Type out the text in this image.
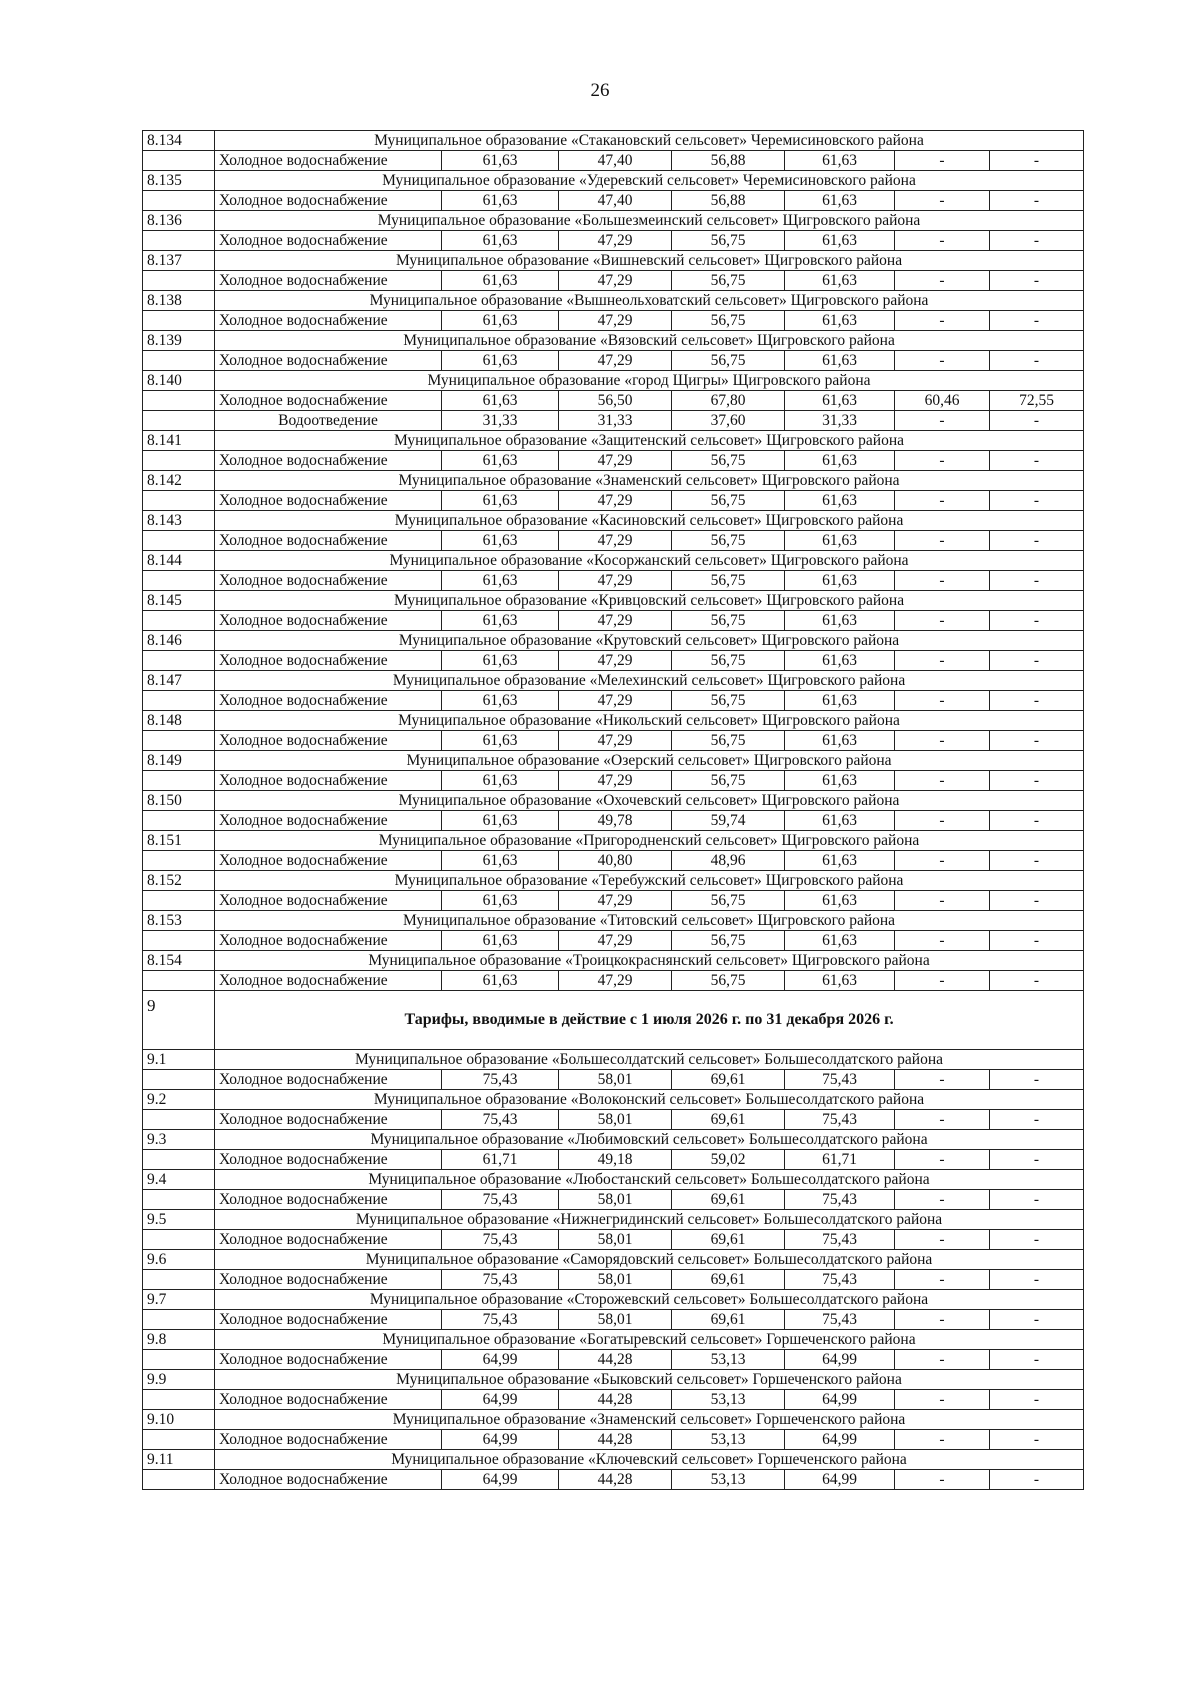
26
8.134	Муниципальное образование «Стакановский сельсовет» Черемисиновского района						
	Холодное водоснабжение	61,63	47,40	56,88	61,63	-	-
8.135	Муниципальное образование «Удеревский сельсовет» Черемисиновского района						
	Холодное водоснабжение	61,63	47,40	56,88	61,63	-	-
8.136	Муниципальное образование «Большезмеинский сельсовет» Щигровского района						
	Холодное водоснабжение	61,63	47,29	56,75	61,63	-	-
8.137	Муниципальное образование «Вишневский сельсовет» Щигровского района						
	Холодное водоснабжение	61,63	47,29	56,75	61,63	-	-
8.138	Муниципальное образование «Вышнеольховатский сельсовет» Щигровского района						
	Холодное водоснабжение	61,63	47,29	56,75	61,63	-	-
8.139	Муниципальное образование «Вязовский сельсовет» Щигровского района						
	Холодное водоснабжение	61,63	47,29	56,75	61,63	-	-
8.140	Муниципальное образование «город Щигры» Щигровского района						
	Холодное водоснабжение	61,63	56,50	67,80	61,63	60,46	72,55
	Водоотведение	31,33	31,33	37,60	31,33	-	-
8.141	Муниципальное образование «Защитенский сельсовет» Щигровского района						
	Холодное водоснабжение	61,63	47,29	56,75	61,63	-	-
8.142	Муниципальное образование «Знаменский сельсовет» Щигровского района						
	Холодное водоснабжение	61,63	47,29	56,75	61,63	-	-
8.143	Муниципальное образование «Касиновский сельсовет» Щигровского района						
	Холодное водоснабжение	61,63	47,29	56,75	61,63	-	-
8.144	Муниципальное образование «Косоржанский сельсовет» Щигровского района						
	Холодное водоснабжение	61,63	47,29	56,75	61,63	-	-
8.145	Муниципальное образование «Кривцовский сельсовет» Щигровского района						
	Холодное водоснабжение	61,63	47,29	56,75	61,63	-	-
8.146	Муниципальное образование «Крутовский сельсовет» Щигровского района						
	Холодное водоснабжение	61,63	47,29	56,75	61,63	-	-
8.147	Муниципальное образование «Мелехинский сельсовет» Щигровского района						
	Холодное водоснабжение	61,63	47,29	56,75	61,63	-	-
8.148	Муниципальное образование «Никольский сельсовет» Щигровского района						
	Холодное водоснабжение	61,63	47,29	56,75	61,63	-	-
8.149	Муниципальное образование «Озерский сельсовет» Щигровского района						
	Холодное водоснабжение	61,63	47,29	56,75	61,63	-	-
8.150	Муниципальное образование «Охочевский сельсовет» Щигровского района						
	Холодное водоснабжение	61,63	49,78	59,74	61,63	-	-
8.151	Муниципальное образование «Пригородненский сельсовет» Щигровского района						
	Холодное водоснабжение	61,63	40,80	48,96	61,63	-	-
8.152	Муниципальное образование «Теребужский сельсовет» Щигровского района						
	Холодное водоснабжение	61,63	47,29	56,75	61,63	-	-
8.153	Муниципальное образование «Титовский сельсовет» Щигровского района						
	Холодное водоснабжение	61,63	47,29	56,75	61,63	-	-
8.154	Муниципальное образование «Троицкокраснянский сельсовет» Щигровского района						
	Холодное водоснабжение	61,63	47,29	56,75	61,63	-	-
9	Тарифы, вводимые в действие с 1 июля 2026 г. по 31 декабря 2026 г.						
9.1	Муниципальное образование «Большесолдатский сельсовет» Большесолдатского района						
	Холодное водоснабжение	75,43	58,01	69,61	75,43	-	-
9.2	Муниципальное образование «Волоконский сельсовет» Большесолдатского района						
	Холодное водоснабжение	75,43	58,01	69,61	75,43	-	-
9.3	Муниципальное образование «Любимовский сельсовет» Большесолдатского района						
	Холодное водоснабжение	61,71	49,18	59,02	61,71	-	-
9.4	Муниципальное образование «Любостанский сельсовет» Большесолдатского района						
	Холодное водоснабжение	75,43	58,01	69,61	75,43	-	-
9.5	Муниципальное образование «Нижнегридинский сельсовет» Большесолдатского района						
	Холодное водоснабжение	75,43	58,01	69,61	75,43	-	-
9.6	Муниципальное образование «Саморядовский сельсовет» Большесолдатского района						
	Холодное водоснабжение	75,43	58,01	69,61	75,43	-	-
9.7	Муниципальное образование «Сторожевский сельсовет» Большесолдатского района						
	Холодное водоснабжение	75,43	58,01	69,61	75,43	-	-
9.8	Муниципальное образование «Богатыревский сельсовет» Горшеченского района						
	Холодное водоснабжение	64,99	44,28	53,13	64,99	-	-
9.9	Муниципальное образование «Быковский сельсовет» Горшеченского района						
	Холодное водоснабжение	64,99	44,28	53,13	64,99	-	-
9.10	Муниципальное образование «Знаменский сельсовет» Горшеченского района						
	Холодное водоснабжение	64,99	44,28	53,13	64,99	-	-
9.11	Муниципальное образование «Ключевский сельсовет» Горшеченского района						
	Холодное водоснабжение	64,99	44,28	53,13	64,99	-	-
